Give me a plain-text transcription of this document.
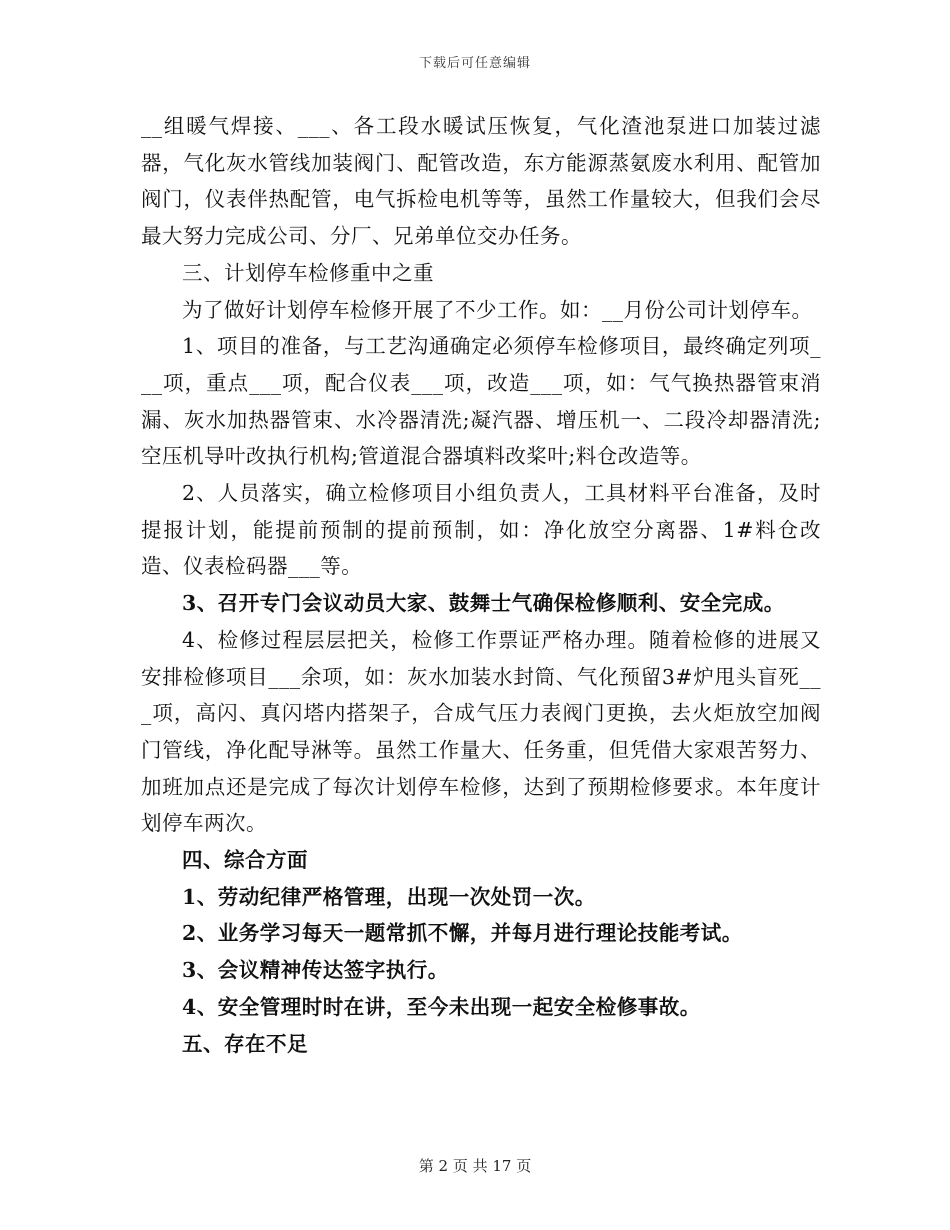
下载后可任意编辑

__组暖气焊接、___、各工段水暖试压恢复，气化渣池泵进口加装过滤器，气化灰水管线加装阀门、配管改造，东方能源蒸氨废水利用、配管加阀门，仪表伴热配管，电气拆检电机等等，虽然工作量较大，但我们会尽最大努力完成公司、分厂、兄弟单位交办任务。

三、计划停车检修重中之重

为了做好计划停车检修开展了不少工作。如：__月份公司计划停车。

1、项目的准备，与工艺沟通确定必须停车检修项目，最终确定列项___项，重点___项，配合仪表___项，改造___项，如：气气换热器管束消漏、灰水加热器管束、水冷器清洗;凝汽器、增压机一、二段冷却器清洗;空压机导叶改执行机构;管道混合器填料改桨叶;料仓改造等。

2、人员落实，确立检修项目小组负责人，工具材料平台准备，及时提报计划，能提前预制的提前预制，如：净化放空分离器、1#料仓改造、仪表检码器___等。

3、召开专门会议动员大家、鼓舞士气确保检修顺利、安全完成。

4、检修过程层层把关，检修工作票证严格办理。随着检修的进展又安排检修项目___余项，如：灰水加装水封筒、气化预留3#炉甩头盲死___项，高闪、真闪塔内搭架子，合成气压力表阀门更换，去火炬放空加阀门管线，净化配导淋等。虽然工作量大、任务重，但凭借大家艰苦努力、加班加点还是完成了每次计划停车检修，达到了预期检修要求。本年度计划停车两次。

四、综合方面

1、劳动纪律严格管理，出现一次处罚一次。

2、业务学习每天一题常抓不懈，并每月进行理论技能考试。

3、会议精神传达签字执行。

4、安全管理时时在讲，至今未出现一起安全检修事故。

五、存在不足

第 2 页 共 17 页
